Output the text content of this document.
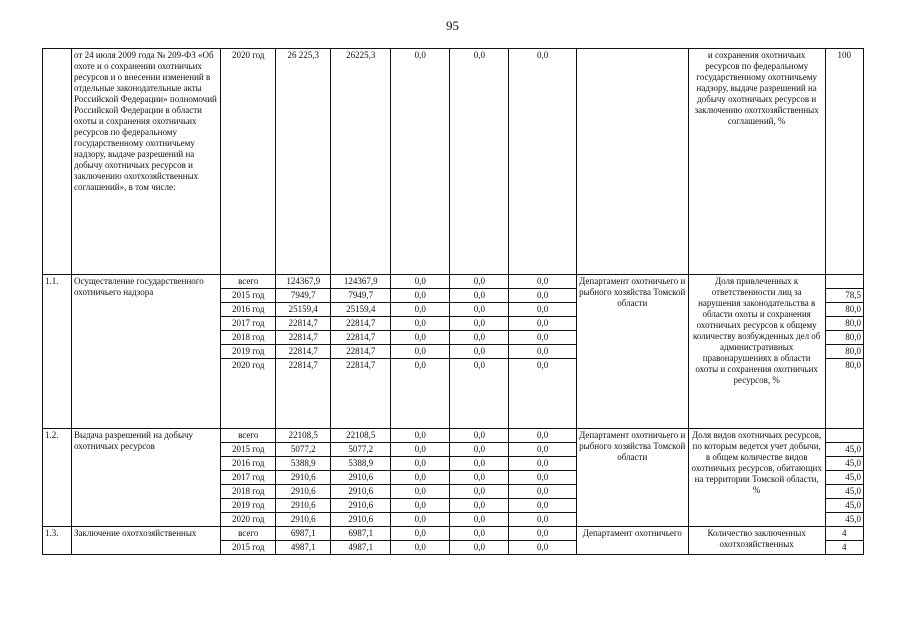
95
	от 24 июля 2009 года № 209-ФЗ «Об охоте и о сохранении охотничьих ресурсов и о внесении изменений в отдельные законодательные акты Российской Федерации» полномочий Российской Федерации в области охоты и сохранения охотничьих ресурсов по федеральному государственному охотничьему надзору, выдаче разрешений на добычу охотничьих ресурсов и заключению охотхозяйственных соглашений», в том числе:	2020 год	26 225,3	26225,3	0,0	0,0	0,0		и сохранения охотничьих ресурсов по федеральному государственному охотничьему надзору, выдаче разрешений на добычу охотничьих ресурсов и заключению охотхозяйственных соглашений, %	100
1.1.	Осуществление государственного охотничьего надзора	всего	124367,9	124367,9	0,0	0,0	0,0	Департамент охотничьего и рыбного хозяйства Томской области	Доля привлеченных к ответственности лиц за нарушения законодательства в области охоты и сохранения охотничьих ресурсов к общему количеству возбужденных дел об административных правонарушениях в области охоты и сохранения охотничьих ресурсов, %	
		2015 год	7949,7	7949,7	0,0	0,0	0,0			78,5
		2016 год	25159,4	25159,4	0,0	0,0	0,0			80,0
		2017 год	22814,7	22814,7	0,0	0,0	0,0			80,0
		2018 год	22814,7	22814,7	0,0	0,0	0,0			80,0
		2019 год	22814,7	22814,7	0,0	0,0	0,0			80,0
		2020 год	22814,7	22814,7	0,0	0,0	0,0			80,0
1.2.	Выдача разрешений на добычу охотничьих ресурсов	всего	22108,5	22108,5	0,0	0,0	0,0	Департамент охотничьего и рыбного хозяйства Томской области	Доля видов охотничьих ресурсов, по которым ведется учет добычи, в общем количестве видов охотничьих ресурсов, обитающих на территории Томской области, %	
		2015 год	5077,2	5077,2	0,0	0,0	0,0			45,0
		2016 год	5388,9	5388,9	0,0	0,0	0,0			45,0
		2017 год	2910,6	2910,6	0,0	0,0	0,0			45,0
		2018 год	2910,6	2910,6	0,0	0,0	0,0			45,0
		2019 год	2910,6	2910,6	0,0	0,0	0,0			45,0
		2020 год	2910,6	2910,6	0,0	0,0	0,0			45,0
1.3.	Заключение охотхозяйственных	всего	6987,1	6987,1	0,0	0,0	0,0	Департамент охотничьего	Количество заключенных охотхозяйственных	4
		2015 год	4987,1	4987,1	0,0	0,0	0,0			4
